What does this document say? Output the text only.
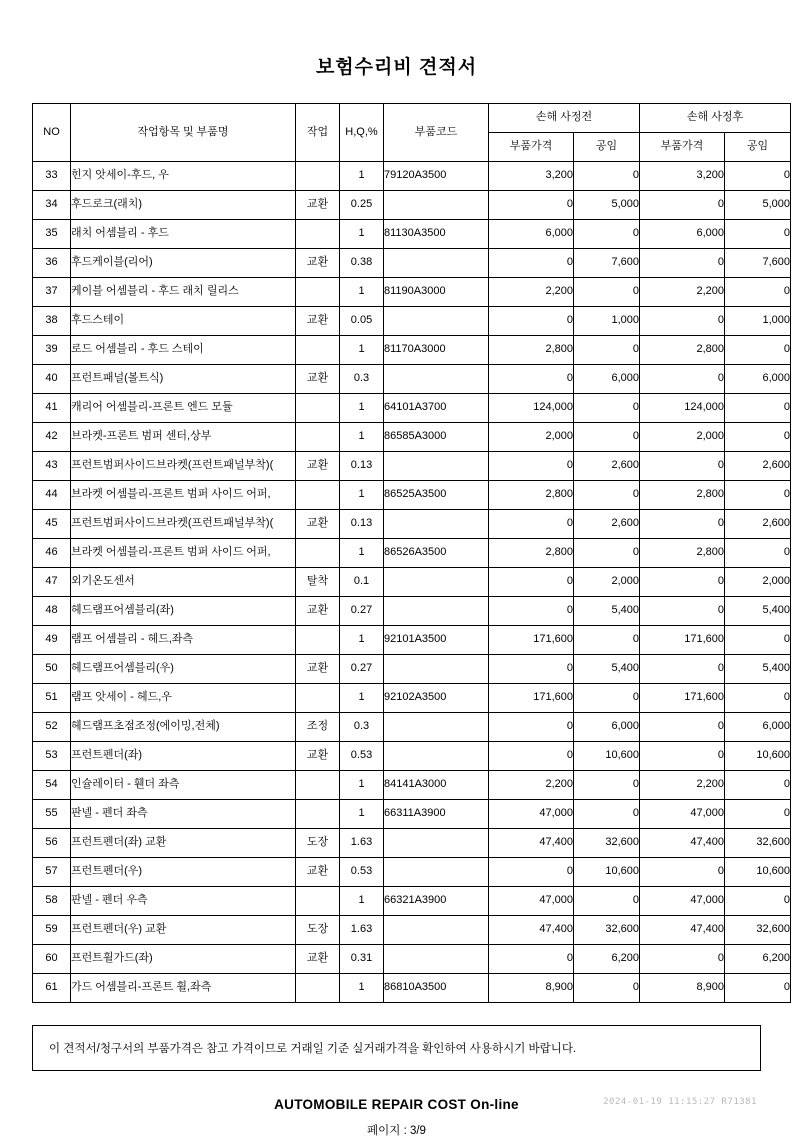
보험수리비 견적서
NO	작업항목 및 부품명	작업	H,Q,%	부품코드	손해 사정전		손해 사정후	
					부품가격	공임	부품가격	공임
33	힌지 앗세이-후드, 우		1	79120A3500	3,200	0	3,200	0
34	후드로크(래치)	교환	0.25		0	5,000	0	5,000
35	래치 어셈블리 - 후드		1	81130A3500	6,000	0	6,000	0
36	후드케이블(리어)	교환	0.38		0	7,600	0	7,600
37	케이블 어셈블리 - 후드 래치 릴리스		1	81190A3000	2,200	0	2,200	0
38	후드스테이	교환	0.05		0	1,000	0	1,000
39	로드 어셈블리 - 후드 스테이		1	81170A3000	2,800	0	2,800	0
40	프런트패널(볼트식)	교환	0.3		0	6,000	0	6,000
41	캐리어 어셈블리-프론트 엔드 모듈		1	64101A3700	124,000	0	124,000	0
42	브라켓-프론트 범퍼 센터,상부		1	86585A3000	2,000	0	2,000	0
43	프런트범퍼사이드브라켓(프런트패널부착)(	교환	0.13		0	2,600	0	2,600
44	브라켓 어셈블리-프론트 범퍼 사이드 어퍼,		1	86525A3500	2,800	0	2,800	0
45	프런트범퍼사이드브라켓(프런트패널부착)(	교환	0.13		0	2,600	0	2,600
46	브라켓 어셈블리-프론트 범퍼 사이드 어퍼,		1	86526A3500	2,800	0	2,800	0
47	외기온도센서	탈착	0.1		0	2,000	0	2,000
48	헤드램프어셈블리(좌)	교환	0.27		0	5,400	0	5,400
49	램프 어셈블리 - 헤드,좌측		1	92101A3500	171,600	0	171,600	0
50	헤드램프어셈블리(우)	교환	0.27		0	5,400	0	5,400
51	램프 앗세이 - 헤드,우		1	92102A3500	171,600	0	171,600	0
52	헤드램프초점조정(에이밍,전체)	조정	0.3		0	6,000	0	6,000
53	프런트펜더(좌)	교환	0.53		0	10,600	0	10,600
54	인슐레이터 - 휀더 좌측		1	84141A3000	2,200	0	2,200	0
55	판넬 - 펜더 좌측		1	66311A3900	47,000	0	47,000	0
56	프런트펜더(좌) 교환	도장	1.63		47,400	32,600	47,400	32,600
57	프런트펜더(우)	교환	0.53		0	10,600	0	10,600
58	판넬 - 펜더 우측		1	66321A3900	47,000	0	47,000	0
59	프런트펜더(우) 교환	도장	1.63		47,400	32,600	47,400	32,600
60	프런트휠가드(좌)	교환	0.31		0	6,200	0	6,200
61	가드 어셈블리-프론트 휠,좌측		1	86810A3500	8,900	0	8,900	0
이 견적서/청구서의 부품가격은 참고 가격이므로 거래일 기준 실거래가격을 확인하여 사용하시기 바랍니다.
AUTOMOBILE REPAIR COST On-line
페이지 : 3/9
2024-01-19 11:15:27 R71381
